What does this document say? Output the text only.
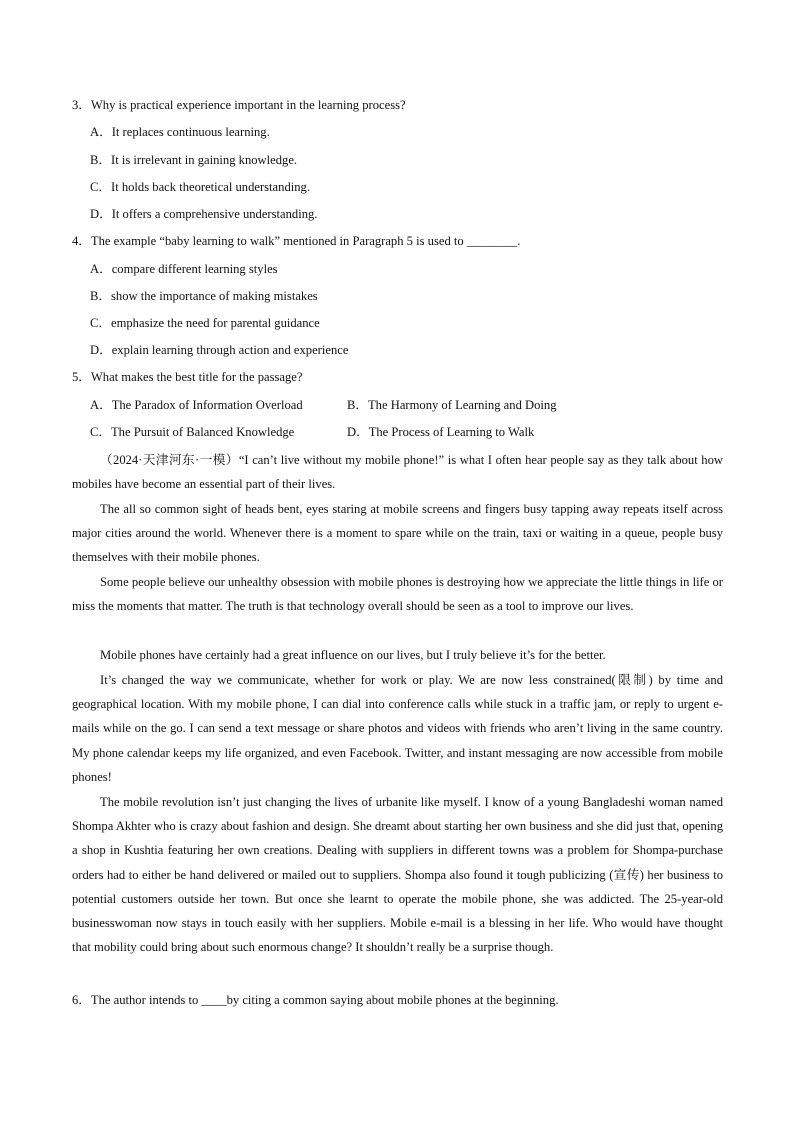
3．Why is practical experience important in the learning process?
A．It replaces continuous learning.
B．It is irrelevant in gaining knowledge.
C．It holds back theoretical understanding.
D．It offers a comprehensive understanding.
4．The example “baby learning to walk” mentioned in Paragraph 5 is used to ________.
A．compare different learning styles
B．show the importance of making mistakes
C．emphasize the need for parental guidance
D．explain learning through action and experience
5．What makes the best title for the passage?
A．The Paradox of Information Overload	B．The Harmony of Learning and Doing
C．The Pursuit of Balanced Knowledge	D．The Process of Learning to Walk

（2024·天津河东·一模）“I can’t live without my mobile phone!” is what I often hear people say as they talk about how mobiles have become an essential part of their lives.

The all so common sight of heads bent, eyes staring at mobile screens and fingers busy tapping away repeats itself across major cities around the world. Whenever there is a moment to spare while on the train, taxi or waiting in a queue, people busy themselves with their mobile phones.

Some people believe our unhealthy obsession with mobile phones is destroying how we appreciate the little things in life or miss the moments that matter. The truth is that technology overall should be seen as a tool to improve our lives.

Mobile phones have certainly had a great influence on our lives, but I truly believe it’s for the better.

It’s changed the way we communicate, whether for work or play. We are now less constrained(限制) by time and geographical location. With my mobile phone, I can dial into conference calls while stuck in a traffic jam, or reply to urgent e-mails while on the go. I can send a text message or share photos and videos with friends who aren’t living in the same country. My phone calendar keeps my life organized, and even Facebook. Twitter, and instant messaging are now accessible from mobile phones!

The mobile revolution isn’t just changing the lives of urbanite like myself. I know of a young Bangladeshi woman named Shompa Akhter who is crazy about fashion and design. She dreamt about starting her own business and she did just that, opening a shop in Kushtia featuring her own creations. Dealing with suppliers in different towns was a problem for Shompa-purchase orders had to either be hand delivered or mailed out to suppliers. Shompa also found it tough publicizing (宣传) her business to potential customers outside her town. But once she learnt to operate the mobile phone, she was addicted. The 25-year-old businesswoman now stays in touch easily with her suppliers. Mobile e-mail is a blessing in her life. Who would have thought that mobility could bring about such enormous change? It shouldn’t really be a surprise though.

6．The author intends to ____by citing a common saying about mobile phones at the beginning.
